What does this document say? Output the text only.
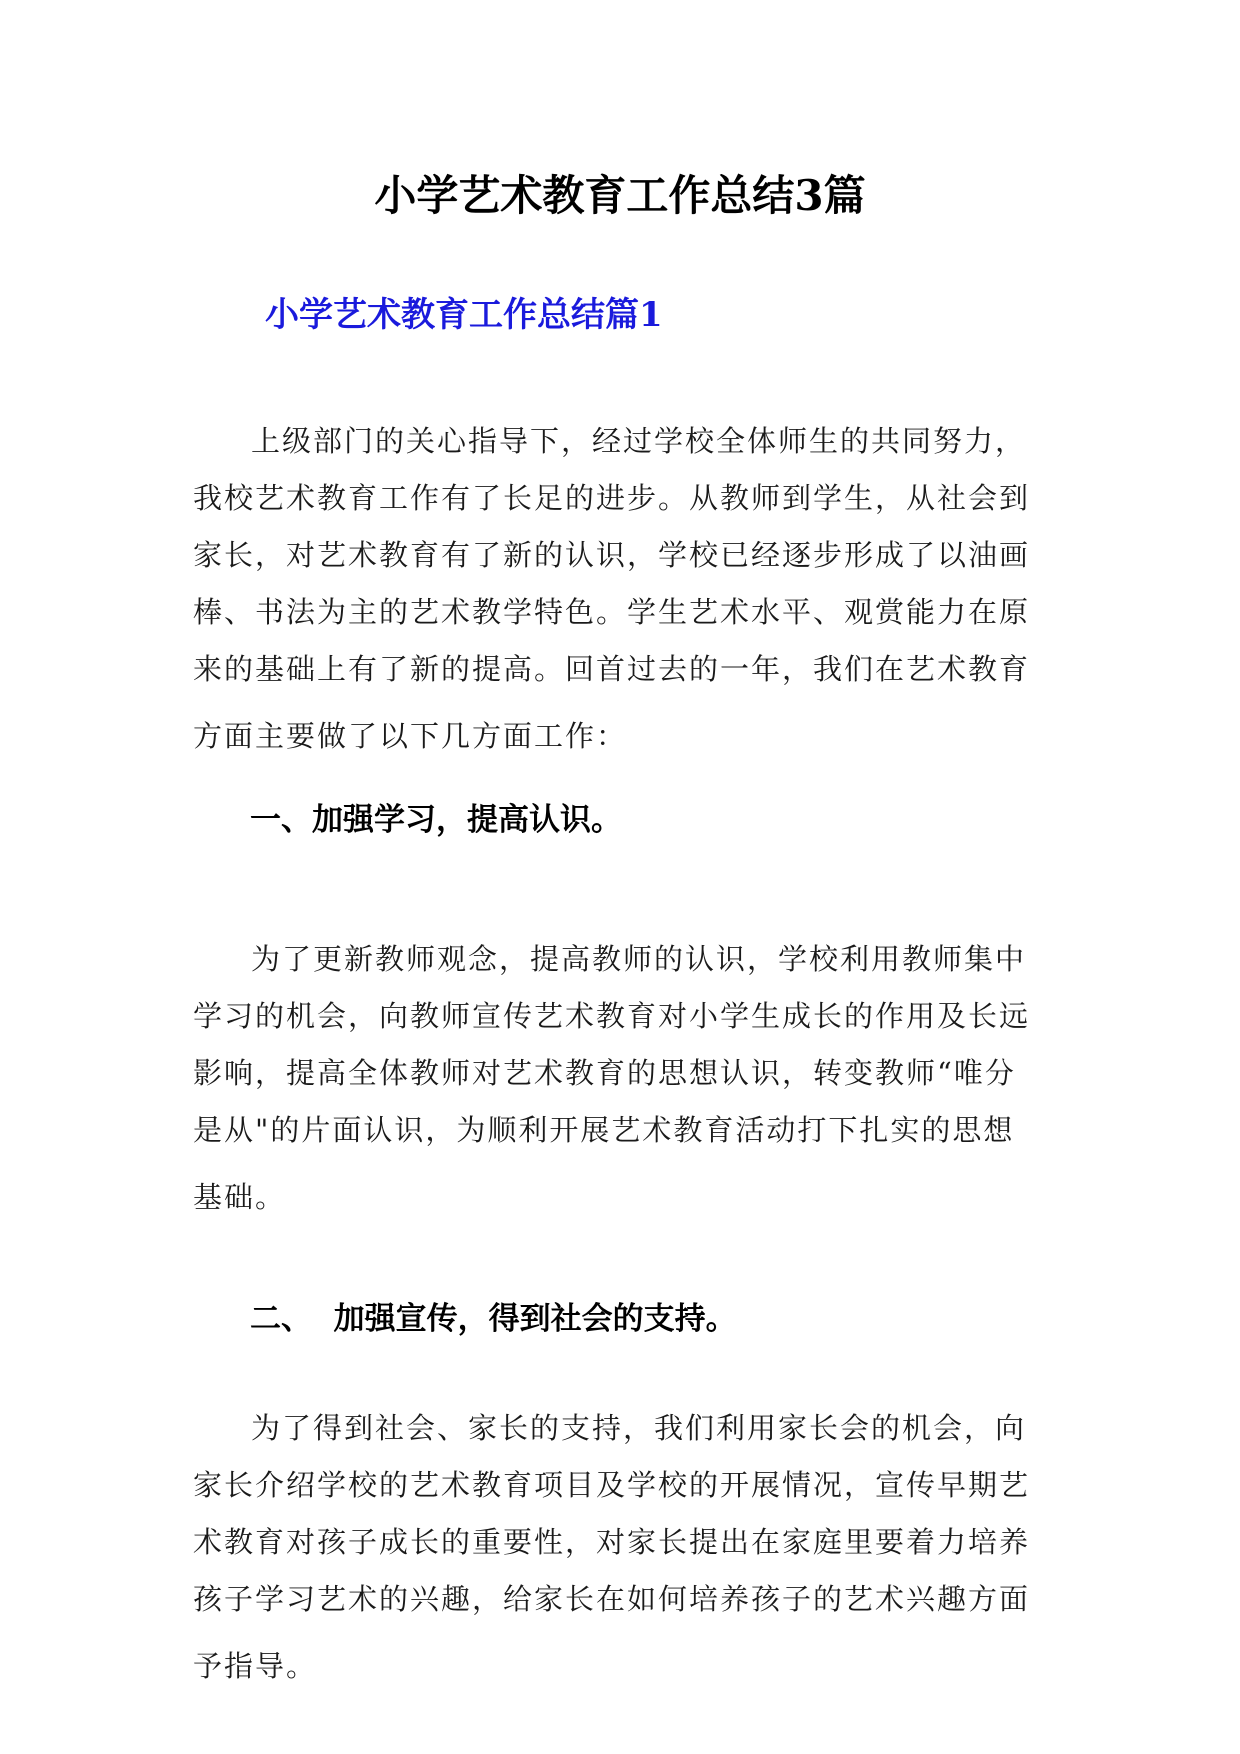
小学艺术教育工作总结3篇
小学艺术教育工作总结篇1
上级部门的关心指导下，经过学校全体师生的共同努力，
我校艺术教育工作有了长足的进步。从教师到学生，从社会到
家长，对艺术教育有了新的认识，学校已经逐步形成了以油画
棒、书法为主的艺术教学特色。学生艺术水平、观赏能力在原
来的基础上有了新的提高。回首过去的一年，我们在艺术教育
方面主要做了以下几方面工作：
一、加强学习，提高认识。
为了更新教师观念，提高教师的认识，学校利用教师集中
学习的机会，向教师宣传艺术教育对小学生成长的作用及长远
影响，提高全体教师对艺术教育的思想认识，转变教师“唯分
是从"的片面认识，为顺利开展艺术教育活动打下扎实的思想
基础。
二、  加强宣传，得到社会的支持。
为了得到社会、家长的支持，我们利用家长会的机会，向
家长介绍学校的艺术教育项目及学校的开展情况，宣传早期艺
术教育对孩子成长的重要性，对家长提出在家庭里要着力培养
孩子学习艺术的兴趣，给家长在如何培养孩子的艺术兴趣方面
予指导。
